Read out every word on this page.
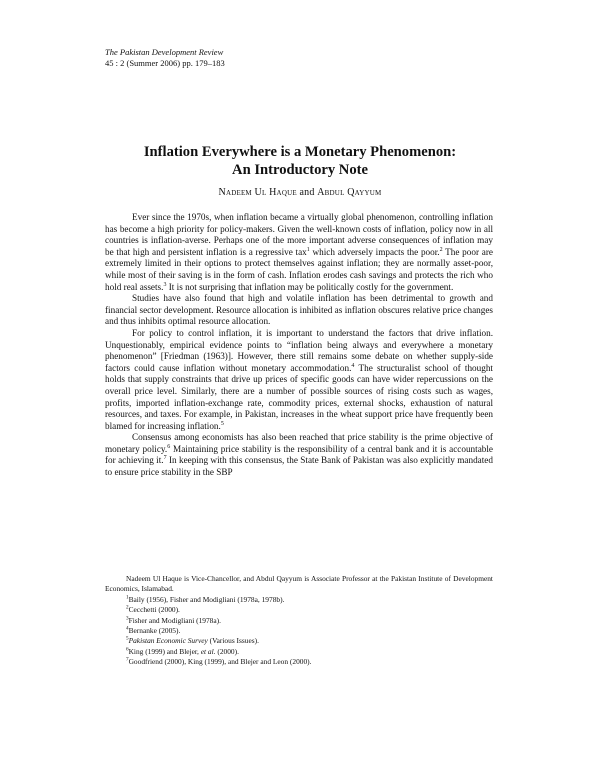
The Pakistan Development Review
45 : 2 (Summer 2006) pp. 179–183
Inflation Everywhere is a Monetary Phenomenon:
An Introductory Note
Nadeem Ul Haque and Abdul Qayyum

Ever since the 1970s, when inflation became a virtually global phenomenon, controlling inflation has become a high priority for policy-makers. Given the well-known costs of inflation, policy now in all countries is inflation-averse. Perhaps one of the more important adverse consequences of inflation may be that high and persistent inflation is a regressive tax$^1$ which adversely impacts the poor.$^2$ The poor are extremely limited in their options to protect themselves against inflation; they are normally asset-poor, while most of their saving is in the form of cash. Inflation erodes cash savings and protects the rich who hold real assets.$^3$ It is not surprising that inflation may be politically costly for the government.

Studies have also found that high and volatile inflation has been detrimental to growth and financial sector development. Resource allocation is inhibited as inflation obscures relative price changes and thus inhibits optimal resource allocation.

For policy to control inflation, it is important to understand the factors that drive inflation. Unquestionably, empirical evidence points to “inflation being always and everywhere a monetary phenomenon” [Friedman (1963)]. However, there still remains some debate on whether supply-side factors could cause inflation without monetary accommodation.$^4$ The structuralist school of thought holds that supply constraints that drive up prices of specific goods can have wider repercussions on the overall price level. Similarly, there are a number of possible sources of rising costs such as wages, profits, imported inflation-exchange rate, commodity prices, external shocks, exhaustion of natural resources, and taxes. For example, in Pakistan, increases in the wheat support price have frequently been blamed for increasing inflation.$^5$

Consensus among economists has also been reached that price stability is the prime objective of monetary policy.$^6$ Maintaining price stability is the responsibility of a central bank and it is accountable for achieving it.$^7$ In keeping with this consensus, the State Bank of Pakistan was also explicitly mandated to ensure price stability in the SBP

Nadeem Ul Haque is Vice-Chancellor, and Abdul Qayyum is Associate Professor at the Pakistan Institute of Development Economics, Islamabad.

$^1$Baily (1956), Fisher and Modigliani (1978a, 1978b).

$^2$Cecchetti (2000).

$^3$Fisher and Modigliani (1978a).

$^4$Bernanke (2005).

$^5$Pakistan Economic Survey (Various Issues).

$^6$King (1999) and Blejer, et al. (2000).

$^7$Goodfriend (2000), King (1999), and Blejer and Leon (2000).
